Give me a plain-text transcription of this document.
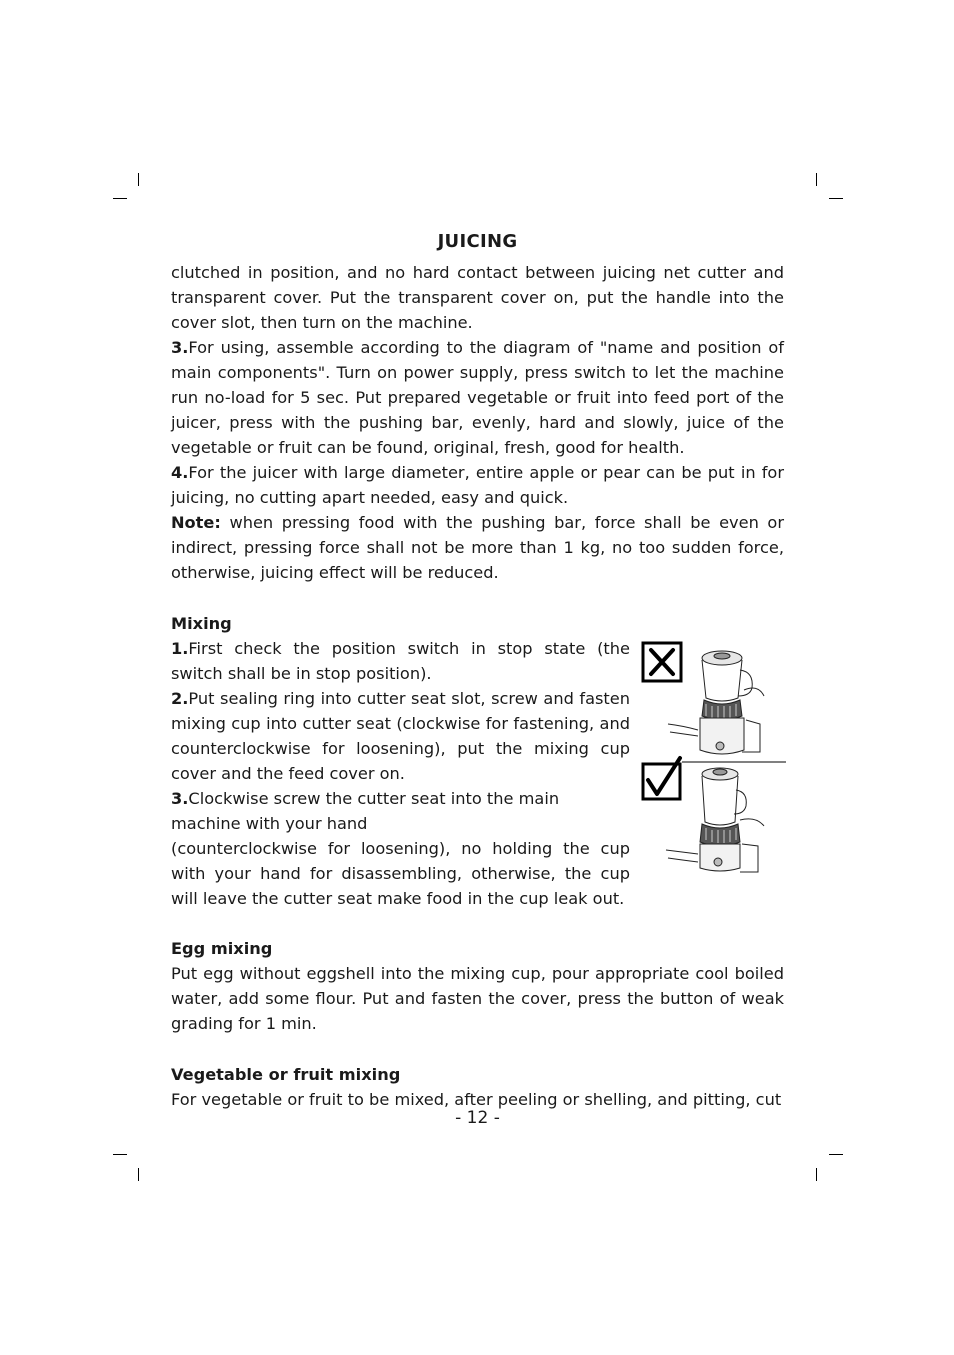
JUICING

clutched in position, and no hard contact between juicing net cutter and transparent cover. Put the transparent cover on, put the handle into the cover slot, then turn on the machine.

3.For using, assemble according to the diagram of "name and position of main components". Turn on power supply, press switch to let the machine run no-load for 5 sec. Put prepared vegetable or fruit into feed port of the juicer, press with the pushing bar, evenly, hard and slowly, juice of the vegetable or fruit can be found, original, fresh, good for health.

4.For the juicer with large diameter, entire apple or pear can be put in for juicing, no cutting apart needed, easy and quick.

Note: when pressing food with the pushing bar, force shall be even or indirect, pressing force shall not be more than 1 kg, no too sudden force, otherwise, juicing effect will be reduced.

Mixing

1.First check the position switch in stop state (the switch shall be in stop position).

2.Put sealing ring into cutter seat slot, screw and fasten mixing cup into cutter seat (clockwise for fastening, and counterclockwise for loosening), put the mixing cup cover and the feed cover on.

3.Clockwise screw the cutter seat into the main machine with your hand

(counterclockwise for loosening), no holding the cup with your hand for disassembling, otherwise, the cup will leave the cutter seat make food in the cup leak out.

Egg mixing

Put egg without eggshell into the mixing cup, pour appropriate cool boiled water, add some flour. Put and fasten the cover, press the button of weak grading for 1 min.

Vegetable or fruit mixing

For vegetable or fruit to be mixed, after peeling or shelling, and pitting, cut

- 12 -
